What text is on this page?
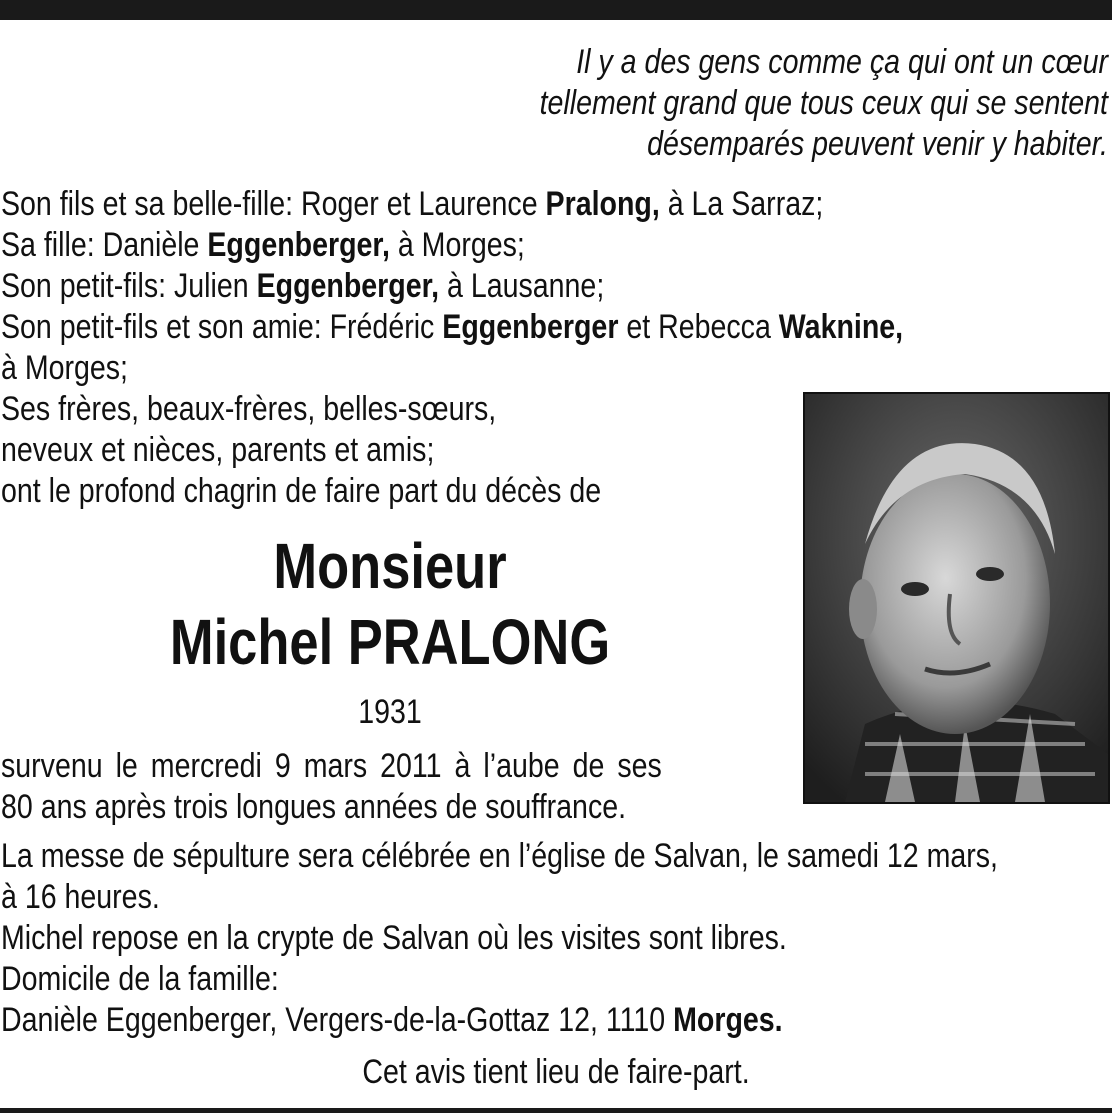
Il y a des gens comme ça qui ont un cœur
tellement grand que tous ceux qui se sentent
désemparés peuvent venir y habiter.
Son fils et sa belle-fille: Roger et Laurence Pralong, à La Sarraz;
Sa fille: Danièle Eggenberger, à Morges;
Son petit-fils: Julien Eggenberger, à Lausanne;
Son petit-fils et son amie: Frédéric Eggenberger et Rebecca Waknine,
à Morges;
Ses frères, beaux-frères, belles-sœurs,
neveux et nièces, parents et amis;
ont le profond chagrin de faire part du décès de
Monsieur
Michel PRALONG
1931
survenu le mercredi 9 mars 2011 à l’aube de ses
80 ans après trois longues années de souffrance.
La messe de sépulture sera célébrée en l’église de Salvan, le samedi 12 mars,
à 16 heures.
Michel repose en la crypte de Salvan où les visites sont libres.
Domicile de la famille:
Danièle Eggenberger, Vergers-de-la-Gottaz 12, 1110 Morges.
Cet avis tient lieu de faire-part.
